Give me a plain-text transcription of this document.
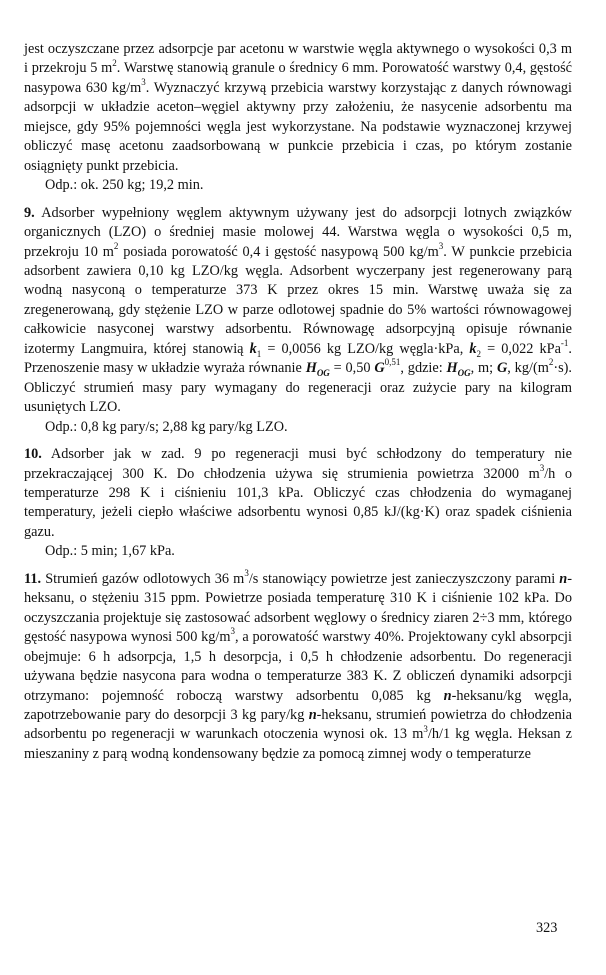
jest oczyszczane przez adsorpcje par acetonu w warstwie węgla aktywnego o wysokości 0,3 m i przekroju 5 $m^2$. Warstwę stanowią granule o średnicy 6 mm. Porowatość warstwy 0,4, gęstość nasypowa 630 $kg/m^3$. Wyznaczyć krzywą przebicia warstwy korzystając z danych równowagi adsorpcji w układzie aceton–węgiel aktywny przy założeniu, że nasycenie adsorbentu ma miejsce, gdy 95% pojemności węgla jest wykorzystane. Na podstawie wyznaczonej krzywej obliczyć masę acetonu zaadsorbowaną w punkcie przebicia i czas, po którym zostanie osiągnięty punkt przebicia.

Odp.: ok. 250 kg; 19,2 min.

9. Adsorber wypełniony węglem aktywnym używany jest do adsorpcji lotnych związków organicznych (LZO) o średniej masie molowej 44. Warstwa węgla o wysokości 0,5 m, przekroju 10 $m^2$ posiada porowatość 0,4 i gęstość nasypową 500 $kg/m^3$. W punkcie przebicia adsorbent zawiera 0,10 kg LZO/kg węgla. Adsorbent wyczerpany jest regenerowany parą wodną nasyconą o temperaturze 373 K przez okres 15 min. Warstwę uważa się za zregenerowaną, gdy stężenie LZO w parze odlotowej spadnie do 5% wartości równowagowej całkowicie nasyconej warstwy adsorbentu. Równowagę adsorpcyjną opisuje równanie izotermy Langmuira, której stanowią $k_1 = 0,0056$ kg LZO/kg węgla·kPa, $k_2 = 0,022$ kPa$^{-1}$. Przenoszenie masy w układzie wyraża równanie $H_{OG} = 0,50$ G$^{0,51}$, gdzie: $H_{OG}$, m; G, $kg/(m^2\cdot s)$. Obliczyć strumień masy pary wymagany do regeneracji oraz zużycie pary na kilogram usuniętych LZO.

Odp.: 0,8 kg pary/s; 2,88 kg pary/kg LZO.

10. Adsorber jak w zad. 9 po regeneracji musi być schłodzony do temperatury nie przekraczającej 300 K. Do chłodzenia używa się strumienia powietrza 32000 $m^3/h$ o temperaturze 298 K i ciśnieniu 101,3 kPa. Obliczyć czas chłodzenia do wymaganej temperatury, jeżeli ciepło właściwe adsorbentu wynosi 0,85 kJ/(kg·K) oraz spadek ciśnienia gazu.

Odp.: 5 min; 1,67 kPa.

11. Strumień gazów odlotowych 36 $m^3/s$ stanowiący powietrze jest zanieczyszczony parami n-heksanu, o stężeniu 315 ppm. Powietrze posiada temperaturę 310 K i ciśnienie 102 kPa. Do oczyszczania projektuje się zastosować adsorbent węglowy o średnicy ziaren 2÷3 mm, którego gęstość nasypowa wynosi 500 $kg/m^3$, a porowatość warstwy 40%. Projektowany cykl absorpcji obejmuje: 6 h adsorpcja, 1,5 h desorpcja, i 0,5 h chłodzenie adsorbentu. Do regeneracji używana będzie nasycona para wodna o temperaturze 383 K. Z obliczeń dynamiki adsorpcji otrzymano: pojemność roboczą warstwy adsorbentu 0,085 kg n-heksanu/kg węgla, zapotrzebowanie pary do desorpcji 3 kg pary/kg n-heksanu, strumień powietrza do chłodzenia adsorbentu po regeneracji w warunkach otoczenia wynosi ok. 13 $m^3/h/1$ kg węgla. Heksan z mieszaniny z parą wodną kondensowany będzie za pomocą zimnej wody o temperaturze

323
